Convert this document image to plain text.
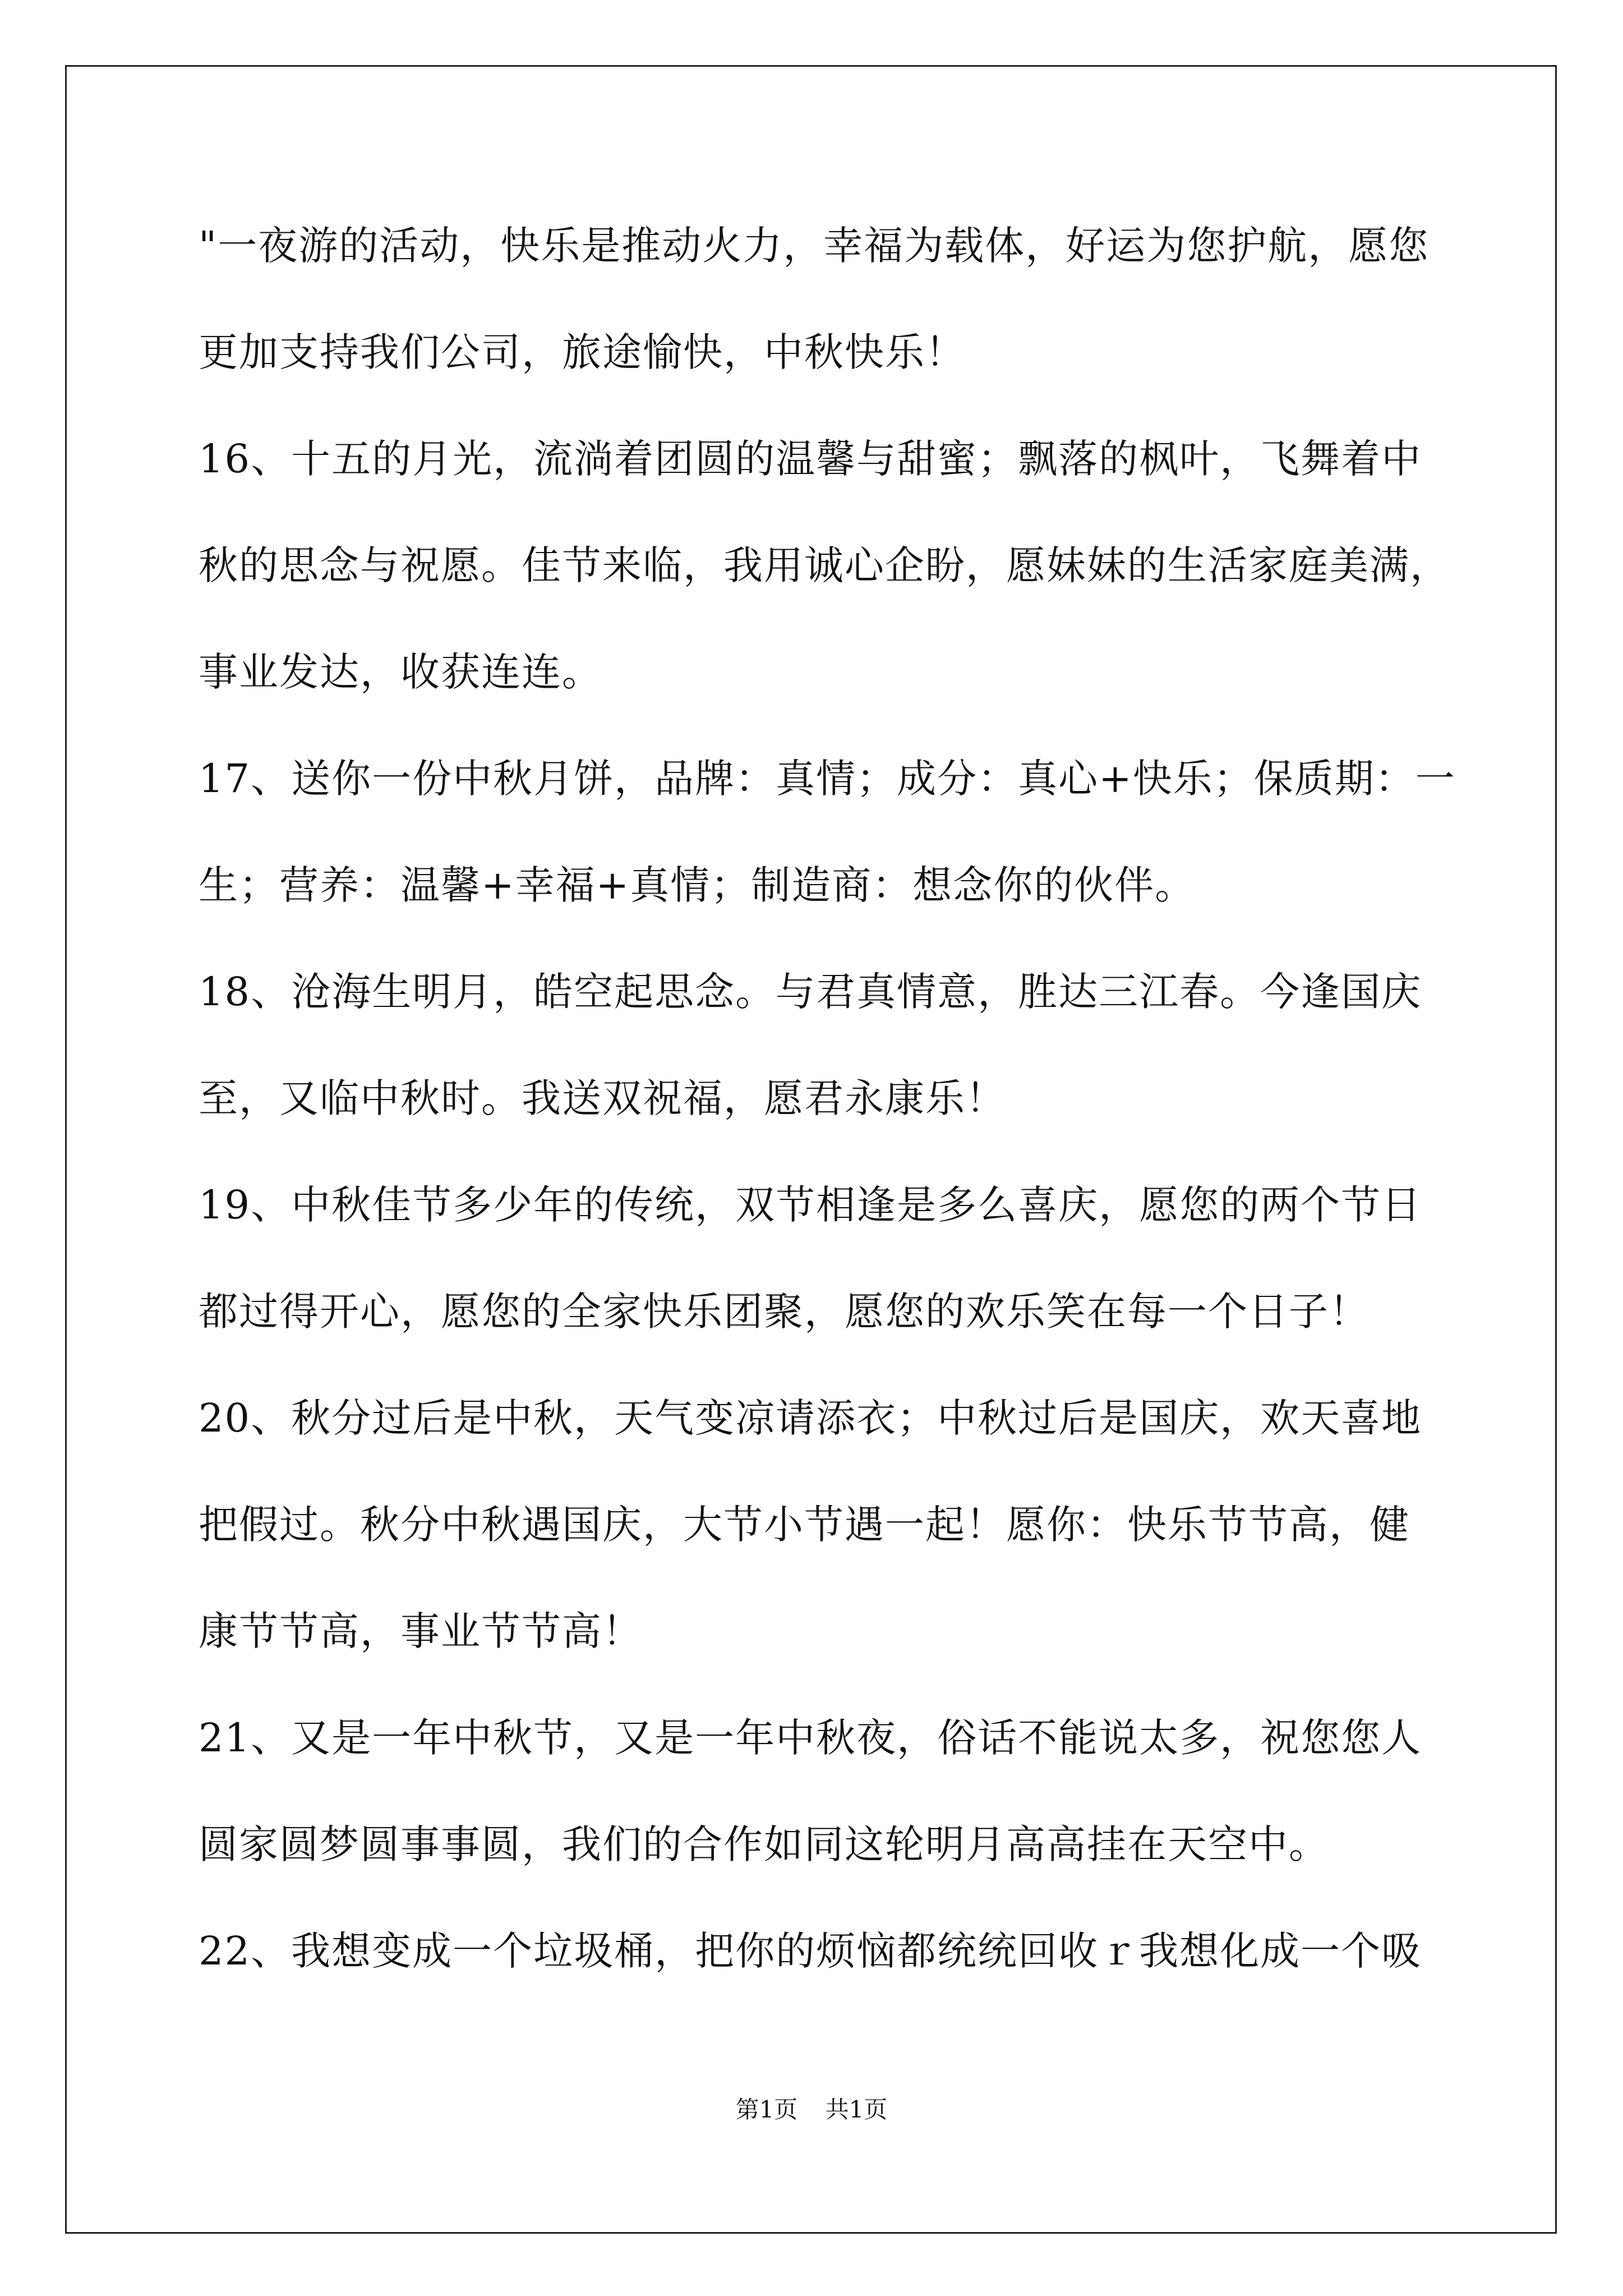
"一夜游的活动，快乐是推动火力，幸福为载体，好运为您护航，愿您
更加支持我们公司，旅途愉快，中秋快乐！
16、十五的月光，流淌着团圆的温馨与甜蜜；飘落的枫叶，飞舞着中
秋的思念与祝愿。佳节来临，我用诚心企盼，愿妹妹的生活家庭美满，
事业发达，收获连连。
17、送你一份中秋月饼，品牌：真情；成分：真心+快乐；保质期：一
生；营养：温馨+幸福+真情；制造商：想念你的伙伴。
18、沧海生明月，皓空起思念。与君真情意，胜达三江春。今逢国庆
至，又临中秋时。我送双祝福，愿君永康乐！
19、中秋佳节多少年的传统，双节相逢是多么喜庆，愿您的两个节日
都过得开心，愿您的全家快乐团聚，愿您的欢乐笑在每一个日子！
20、秋分过后是中秋，天气变凉请添衣；中秋过后是国庆，欢天喜地
把假过。秋分中秋遇国庆，大节小节遇一起！愿你：快乐节节高，健
康节节高，事业节节高！
21、又是一年中秋节，又是一年中秋夜，俗话不能说太多，祝您您人
圆家圆梦圆事事圆，我们的合作如同这轮明月高高挂在天空中。
22、我想变成一个垃圾桶，把你的烦恼都统统回收ｒ我想化成一个吸
第1页 共1页
